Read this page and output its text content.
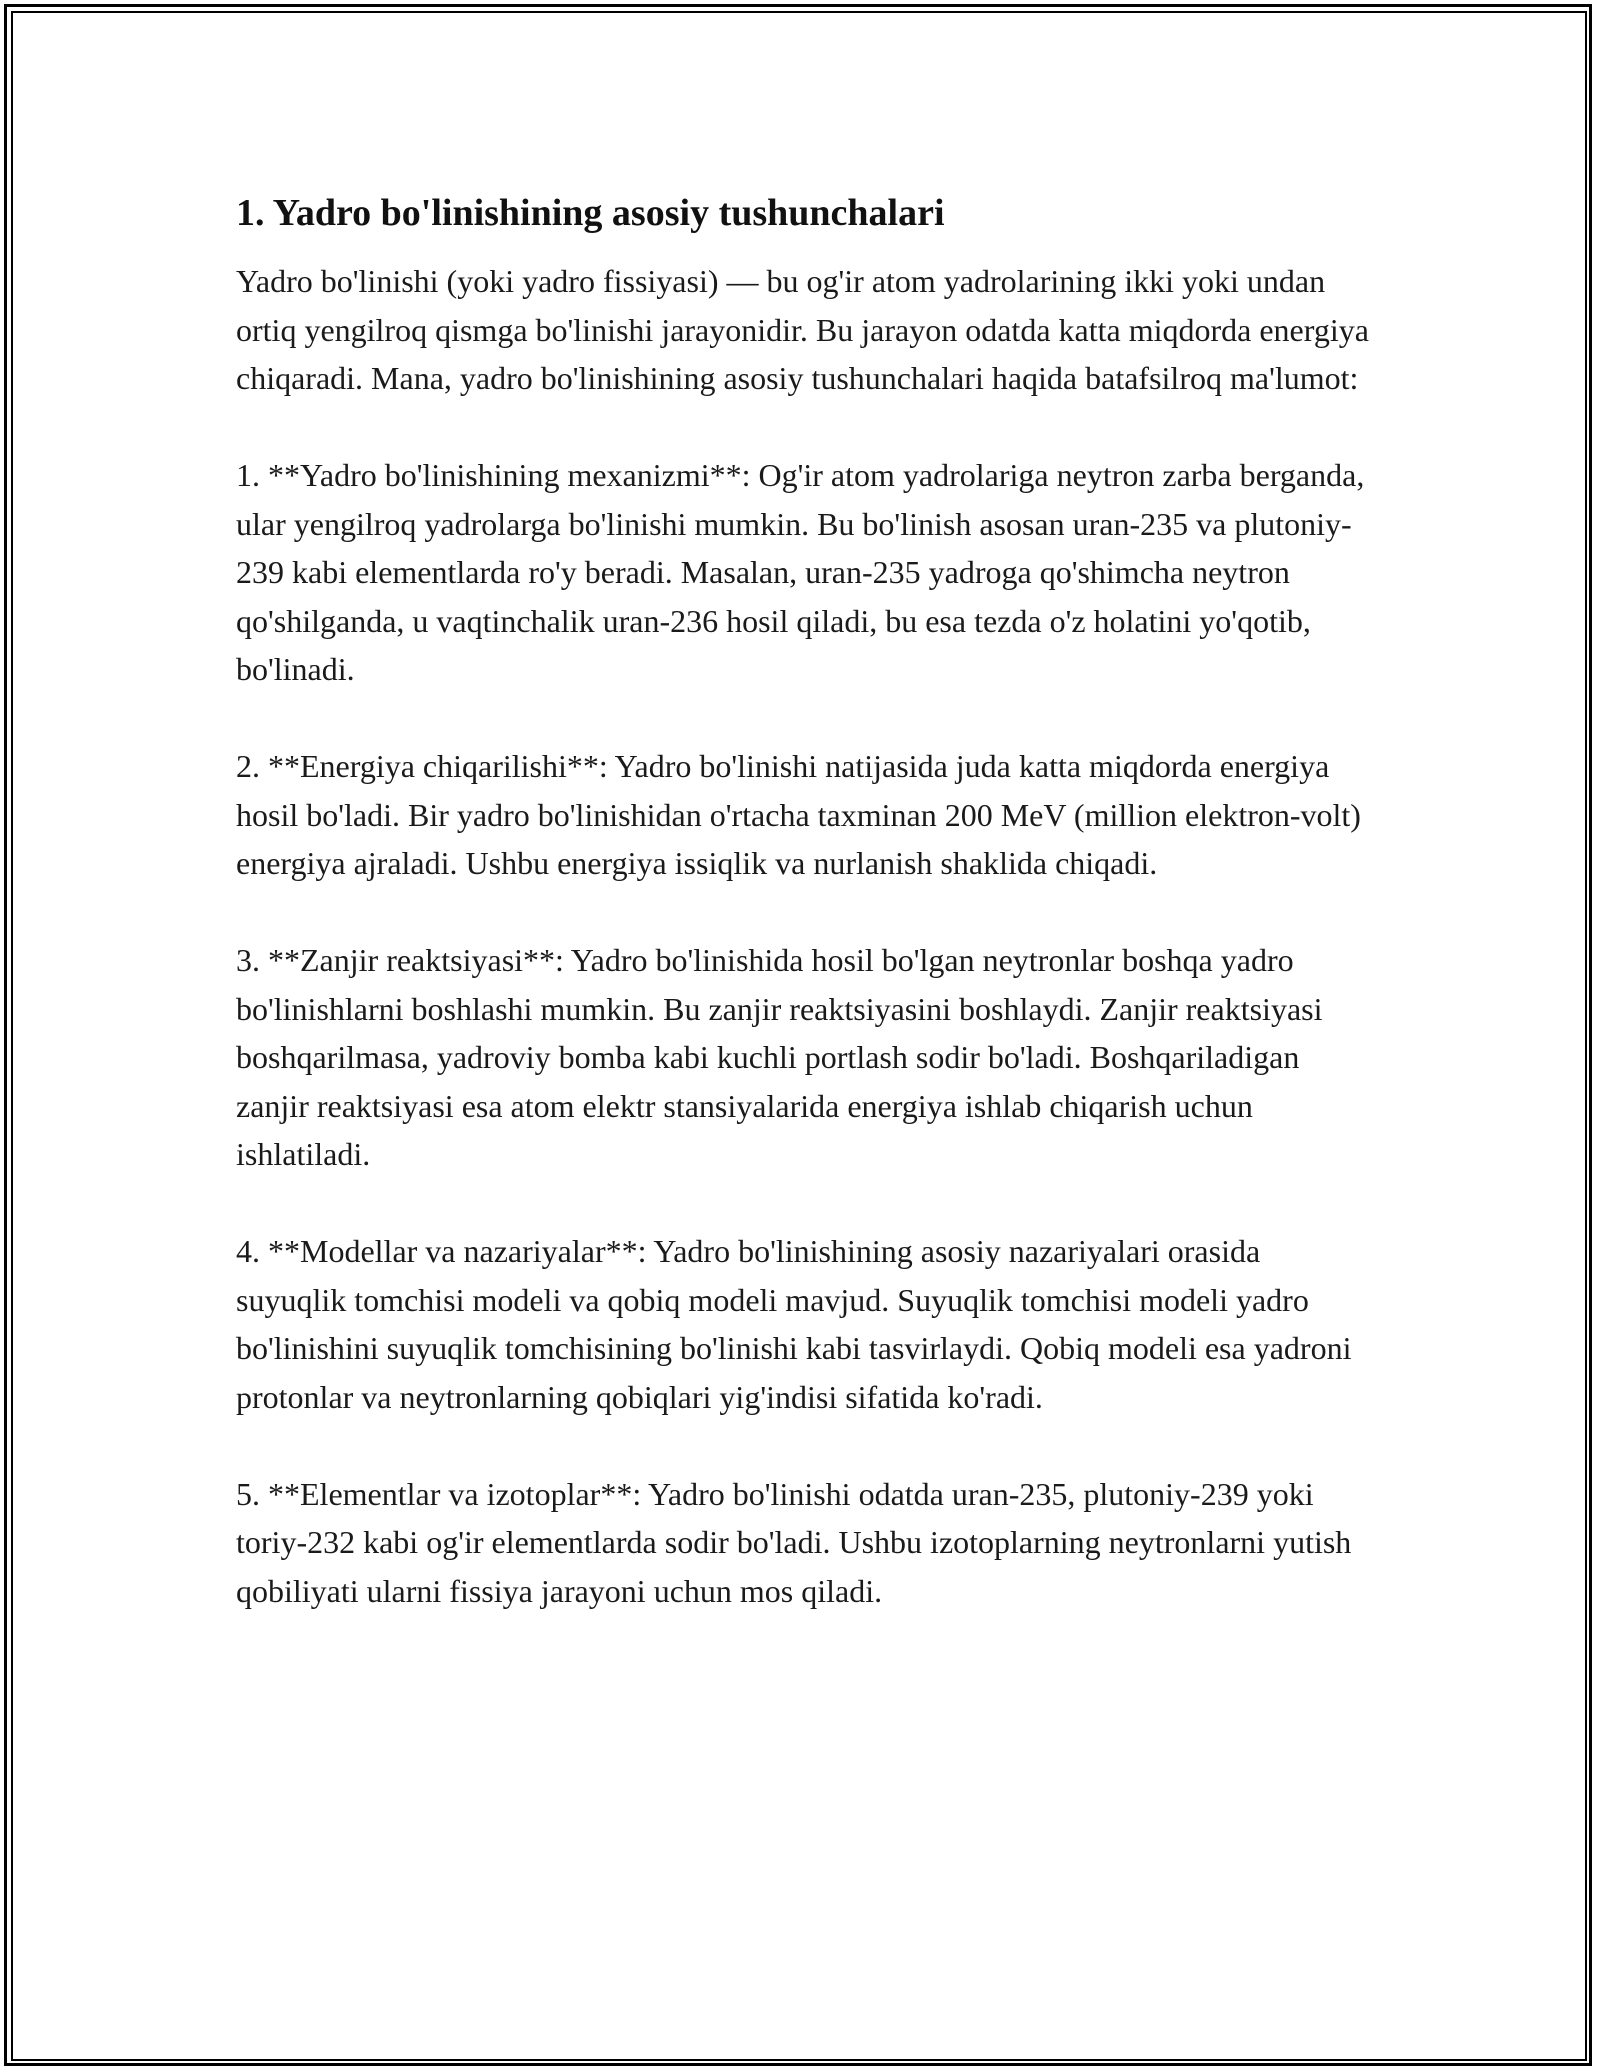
1. Yadro bo'linishining asosiy tushunchalari

Yadro bo'linishi (yoki yadro fissiyasi) — bu og'ir atom yadrolarining ikki yoki undan ortiq yengilroq qismga bo'linishi jarayonidir. Bu jarayon odatda katta miqdorda energiya chiqaradi. Mana, yadro bo'linishining asosiy tushunchalari haqida batafsilroq ma'lumot:

1. **Yadro bo'linishining mexanizmi**: Og'ir atom yadrolariga neytron zarba berganda, ular yengilroq yadrolarga bo'linishi mumkin. Bu bo'linish asosan uran-235 va plutoniy-239 kabi elementlarda ro'y beradi. Masalan, uran-235 yadroga qo'shimcha neytron qo'shilganda, u vaqtinchalik uran-236 hosil qiladi, bu esa tezda o'z holatini yo'qotib, bo'linadi.

2. **Energiya chiqarilishi**: Yadro bo'linishi natijasida juda katta miqdorda energiya hosil bo'ladi. Bir yadro bo'linishidan o'rtacha taxminan 200 MeV (million elektron-volt) energiya ajraladi. Ushbu energiya issiqlik va nurlanish shaklida chiqadi.

3. **Zanjir reaktsiyasi**: Yadro bo'linishida hosil bo'lgan neytronlar boshqa yadro bo'linishlarni boshlashi mumkin. Bu zanjir reaktsiyasini boshlaydi. Zanjir reaktsiyasi boshqarilmasa, yadroviy bomba kabi kuchli portlash sodir bo'ladi. Boshqariladigan zanjir reaktsiyasi esa atom elektr stansiyalarida energiya ishlab chiqarish uchun ishlatiladi.

4. **Modellar va nazariyalar**: Yadro bo'linishining asosiy nazariyalari orasida suyuqlik tomchisi modeli va qobiq modeli mavjud. Suyuqlik tomchisi modeli yadro bo'linishini suyuqlik tomchisining bo'linishi kabi tasvirlaydi. Qobiq modeli esa yadroni protonlar va neytronlarning qobiqlari yig'indisi sifatida ko'radi.

5. **Elementlar va izotoplar**: Yadro bo'linishi odatda uran-235, plutoniy-239 yoki toriy-232 kabi og'ir elementlarda sodir bo'ladi. Ushbu izotoplarning neytronlarni yutish qobiliyati ularni fissiya jarayoni uchun mos qiladi.
